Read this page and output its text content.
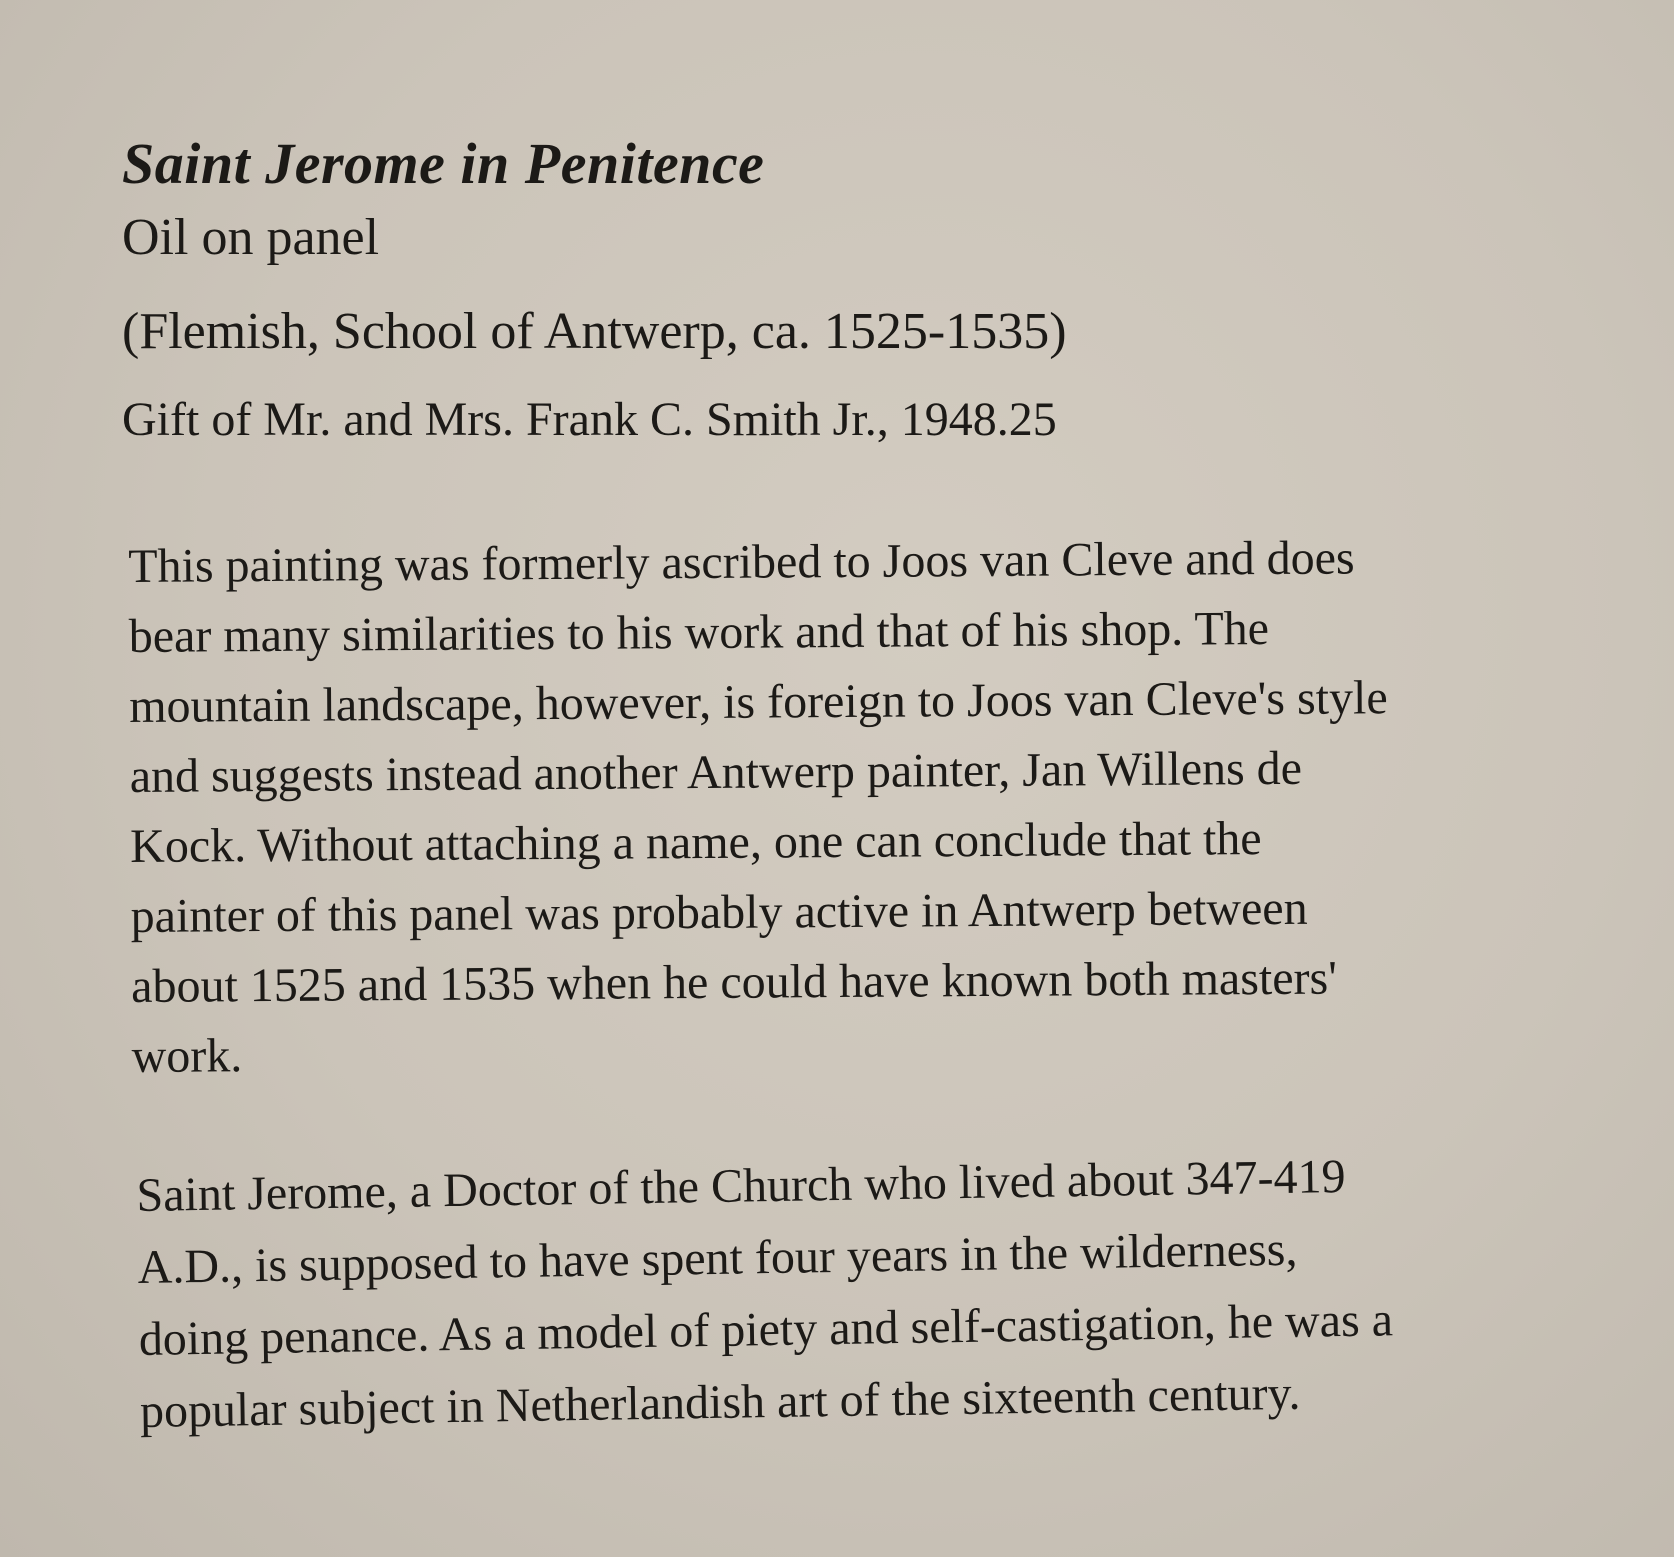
Saint Jerome in Penitence
Oil on panel
(Flemish, School of Antwerp, ca. 1525-1535)
Gift of Mr. and Mrs. Frank C. Smith Jr., 1948.25

This painting was formerly ascribed to Joos van Cleve and does

bear many similarities to his work and that of his shop. The

mountain landscape, however, is foreign to Joos van Cleve's style

and suggests instead another Antwerp painter, Jan Willens de

Kock. Without attaching a name, one can conclude that the

painter of this panel was probably active in Antwerp between

about 1525 and 1535 when he could have known both masters'

work.

Saint Jerome, a Doctor of the Church who lived about 347-419

A.D., is supposed to have spent four years in the wilderness,

doing penance. As a model of piety and self-castigation, he was a

popular subject in Netherlandish art of the sixteenth century.
